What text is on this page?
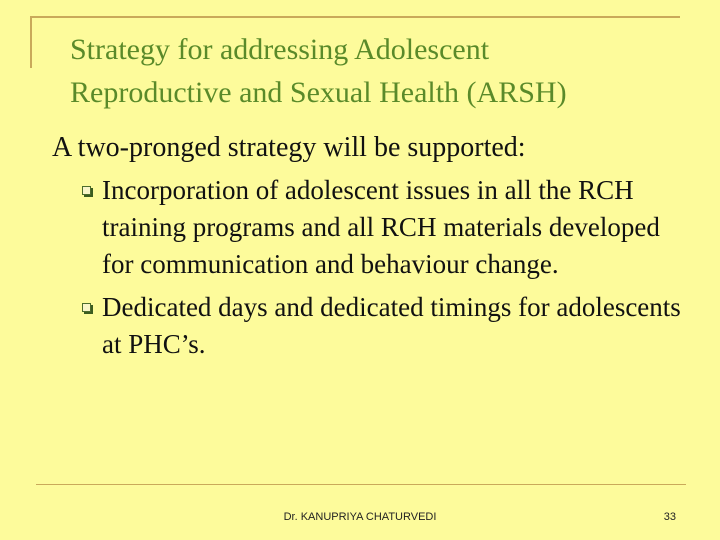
Strategy for addressing Adolescent
Reproductive and Sexual Health (ARSH)

A two-pronged strategy will be supported:

Incorporation of adolescent issues in all the RCH training programs and all RCH materials developed for communication and behaviour change.
Dedicated days and dedicated timings for adolescents at PHC’s.
Dr. KANUPRIYA CHATURVEDI	33
